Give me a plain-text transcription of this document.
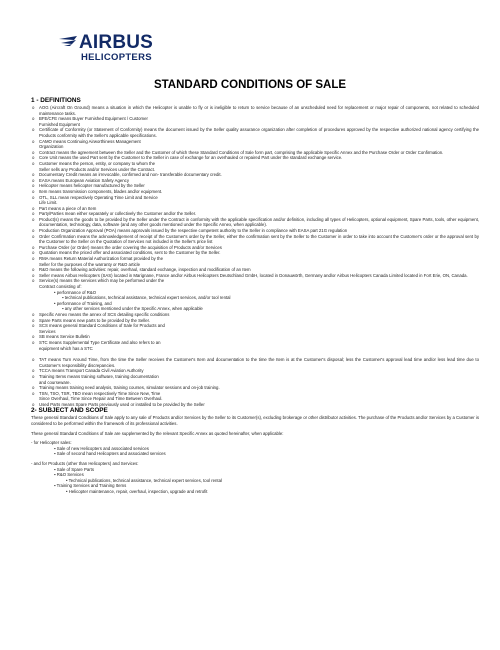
AIRBUS
HELICOPTERS
STANDARD CONDITIONS OF SALE

1 - DEFINITIONS

o AOG (Aircraft On Ground) means a situation in which the Helicopter is unable to fly or is ineligible to return to service because of an unscheduled need for replacement or major repair of components, not related to scheduled maintenance tasks.
o BFE/CFE means Buyer Furnished Equipment / Customer
Furnished Equipment
o Certificate of Conformity (or Statement of Conformity) means the document issued by the Seller quality assurance organization after completion of procedures approved by the respective authorized national agency certifying the Products conformity with the Seller's applicable specifications.
o CAMO means Continuing Airworthiness Management
Organization
o Contract means the agreement between the Seller and the Customer of which these Standard Conditions of Sale form part, comprising the applicable Specific Annex and the Purchase Order or Order Confirmation.
o Core Unit means the used Part sent by the Customer to the Seller in case of exchange for an overhauled or repaired Part under the standard exchange service.
o Customer means the person, entity, or company to whom the
Seller sells any Products and/or Services under the Contract.
o Documentary Credit means an irrevocable, confirmed and non- transferable documentary credit.
o EASA means European Aviation Safety Agency
o Helicopter means helicopter manufactured by the Seller
o Item means transmission components, blades and/or equipment.
o OTL, SLL mean respectively Operating Time Limit and Service
Life Limit.
o Part means a piece of an Item
o Party/Parties mean either separately or collectively the Customer and/or the Seller.
o Product(s) means the goods to be provided by the Seller under the Contract in conformity with the applicable specification and/or definition, including all types of Helicopters, optional equipment, Spare Parts, tools, other equipment, documentation, technology, data, software (and any other goods mentioned under the Specific Annex, when applicable).
o Production Organization Approval (POA) means approvals issued by the respective competent authority to the Seller in compliance with EASA part 21G regulation
o Order Confirmation means the acknowledgement of receipt of the Customer's order by the Seller, either the confirmation sent by the Seller to the Customer in order to take into account the Customer's order or the approval sent by the Customer to the Seller on the Quotation of Services not included in the Seller's price list
o Purchase Order (or Order) means the order covering the acquisition of Products and/or Services
o Quotation means the priced offer and associated conditions, sent to the Customer by the Seller.
o RMA means Return Material Authorization format provided by the
Seller for the purposes of the warranty or R&O article
o R&O means the following activities: repair, overhaul, standard exchange, inspection and modification of an Item
o Seller means Airbus Helicopters (SAS) located in Marignane, France and/or Airbus Helicopters Deutschland GmbH, located in Donauwörth, Germany and/or Airbus Helicopters Canada Limited located in Fort Erie, ON, Canada.
o Service(s) means the services which may be performed under the
Contract consisting of:
• performance of R&O
▪ technical publications, technical assistance, technical expert services, and/or tool rental
• performance of Training, and
▪ any other services mentioned under the Specific Annex, when applicable
o Specific Annex means the annex of SCS detailing specific conditions
o Spare Parts means new parts to be provided by the Seller.
o SCS means general Standard Conditions of Sale for Products and
Services
o SB means Service Bulletin
o STC means Supplemental Type Certificate and also refers to an
equipment which has a STC
o TAT means Turn Around Time, from the time the Seller receives the Customer's Item and documentation to the time the Item is at the Customer's disposal; less the Customer's approval lead time and/or less lead time due to Customer's responsibility discrepancies.
o TCCA means Transport Canada Civil Aviation Authority
o Training Items means training software, training documentation
and courseware.
o Training means training need analysis, training courses, simulator sessions and on-job training.
o TSN, TSO, TSR, TBO mean respectively Time Since New, Time
Since Overhaul, Time Since Repair and Time Between Overhaul.
o Used Parts means Spare Parts previously used or installed to be provided by the Seller

2- SUBJECT AND SCOPE

These general Standard Conditions of Sale apply to any sale of Products and/or Services by the Seller to its Customer(s), excluding brokerage or other distributor activities. The purchase of the Products and/or Services by a Customer is considered to be performed within the framework of its professional activities.

These general Standard Conditions of Sale are supplemented by the relevant Specific Annex as quoted hereinafter, when applicable:

- for Helicopter sales:
▪ Sale of new Helicopters and associated services
▪ Sale of second hand Helicopters and associated services
- and for Products (other than Helicopters) and Services:
▪ Sale of Spare Parts
▪ R&O Services
• Technical publications, technical assistance, technical expert services, tool rental
▪ Training Services and Training Items
• Helicopter maintenance, repair, overhaul, inspection, upgrade and retrofit
